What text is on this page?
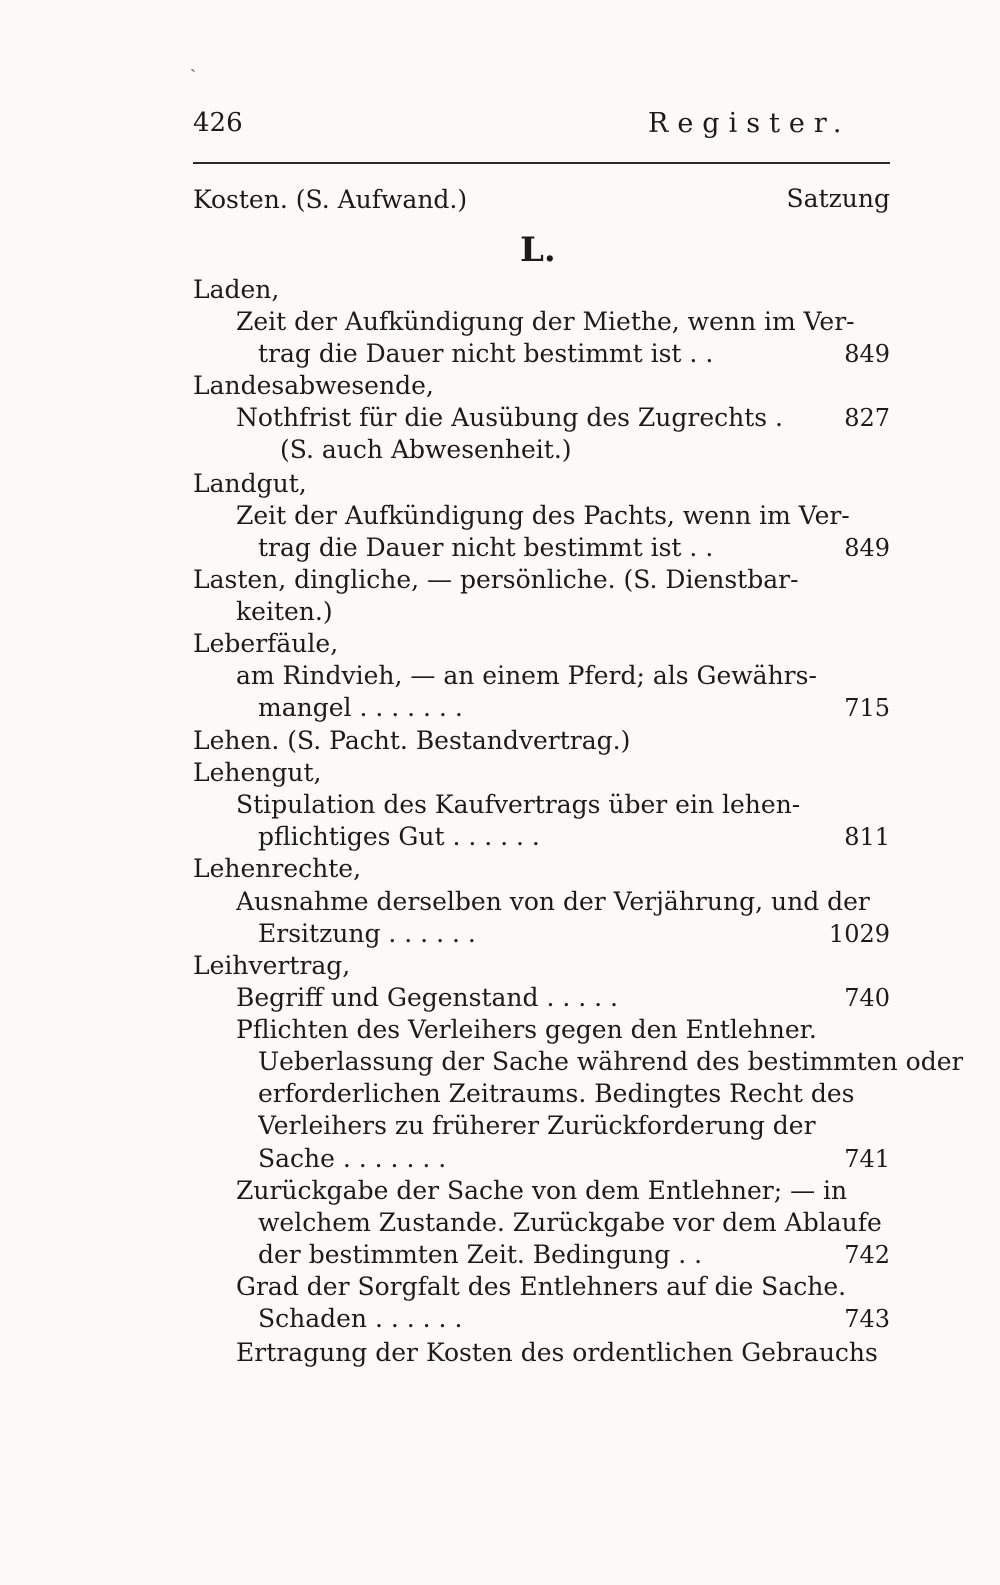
ˏ
426	Register.
Kosten. (S. Aufwand.)	Satzung
L.
Laden,
Zeit der Aufkündigung der Miethe, wenn im Ver-
trag die Dauer nicht bestimmt ist . .	849
Landesabwesende,
Nothfrist für die Ausübung des Zugrechts .	827
(S. auch Abwesenheit.)
Landgut,
Zeit der Aufkündigung des Pachts, wenn im Ver-
trag die Dauer nicht bestimmt ist . .	849
Lasten, dingliche, — persönliche. (S. Dienstbar-
keiten.)
Leberfäule,
am Rindvieh, — an einem Pferd; als Gewährs-
mangel . . . . . . .	715
Lehen. (S. Pacht. Bestandvertrag.)
Lehengut,
Stipulation des Kaufvertrags über ein lehen-
pflichtiges Gut . . . . . .	811
Lehenrechte,
Ausnahme derselben von der Verjährung, und der
Ersitzung . . . . . .	1029
Leihvertrag,
Begriff und Gegenstand . . . . .	740
Pflichten des Verleihers gegen den Entlehner.
Ueberlassung der Sache während des bestimmten oder
erforderlichen Zeitraums. Bedingtes Recht des
Verleihers zu früherer Zurückforderung der
Sache . . . . . . .	741
Zurückgabe der Sache von dem Entlehner; — in
welchem Zustande. Zurückgabe vor dem Ablaufe
der bestimmten Zeit. Bedingung . .	742
Grad der Sorgfalt des Entlehners auf die Sache.
Schaden . . . . . .	743
Ertragung der Kosten des ordentlichen Gebrauchs
